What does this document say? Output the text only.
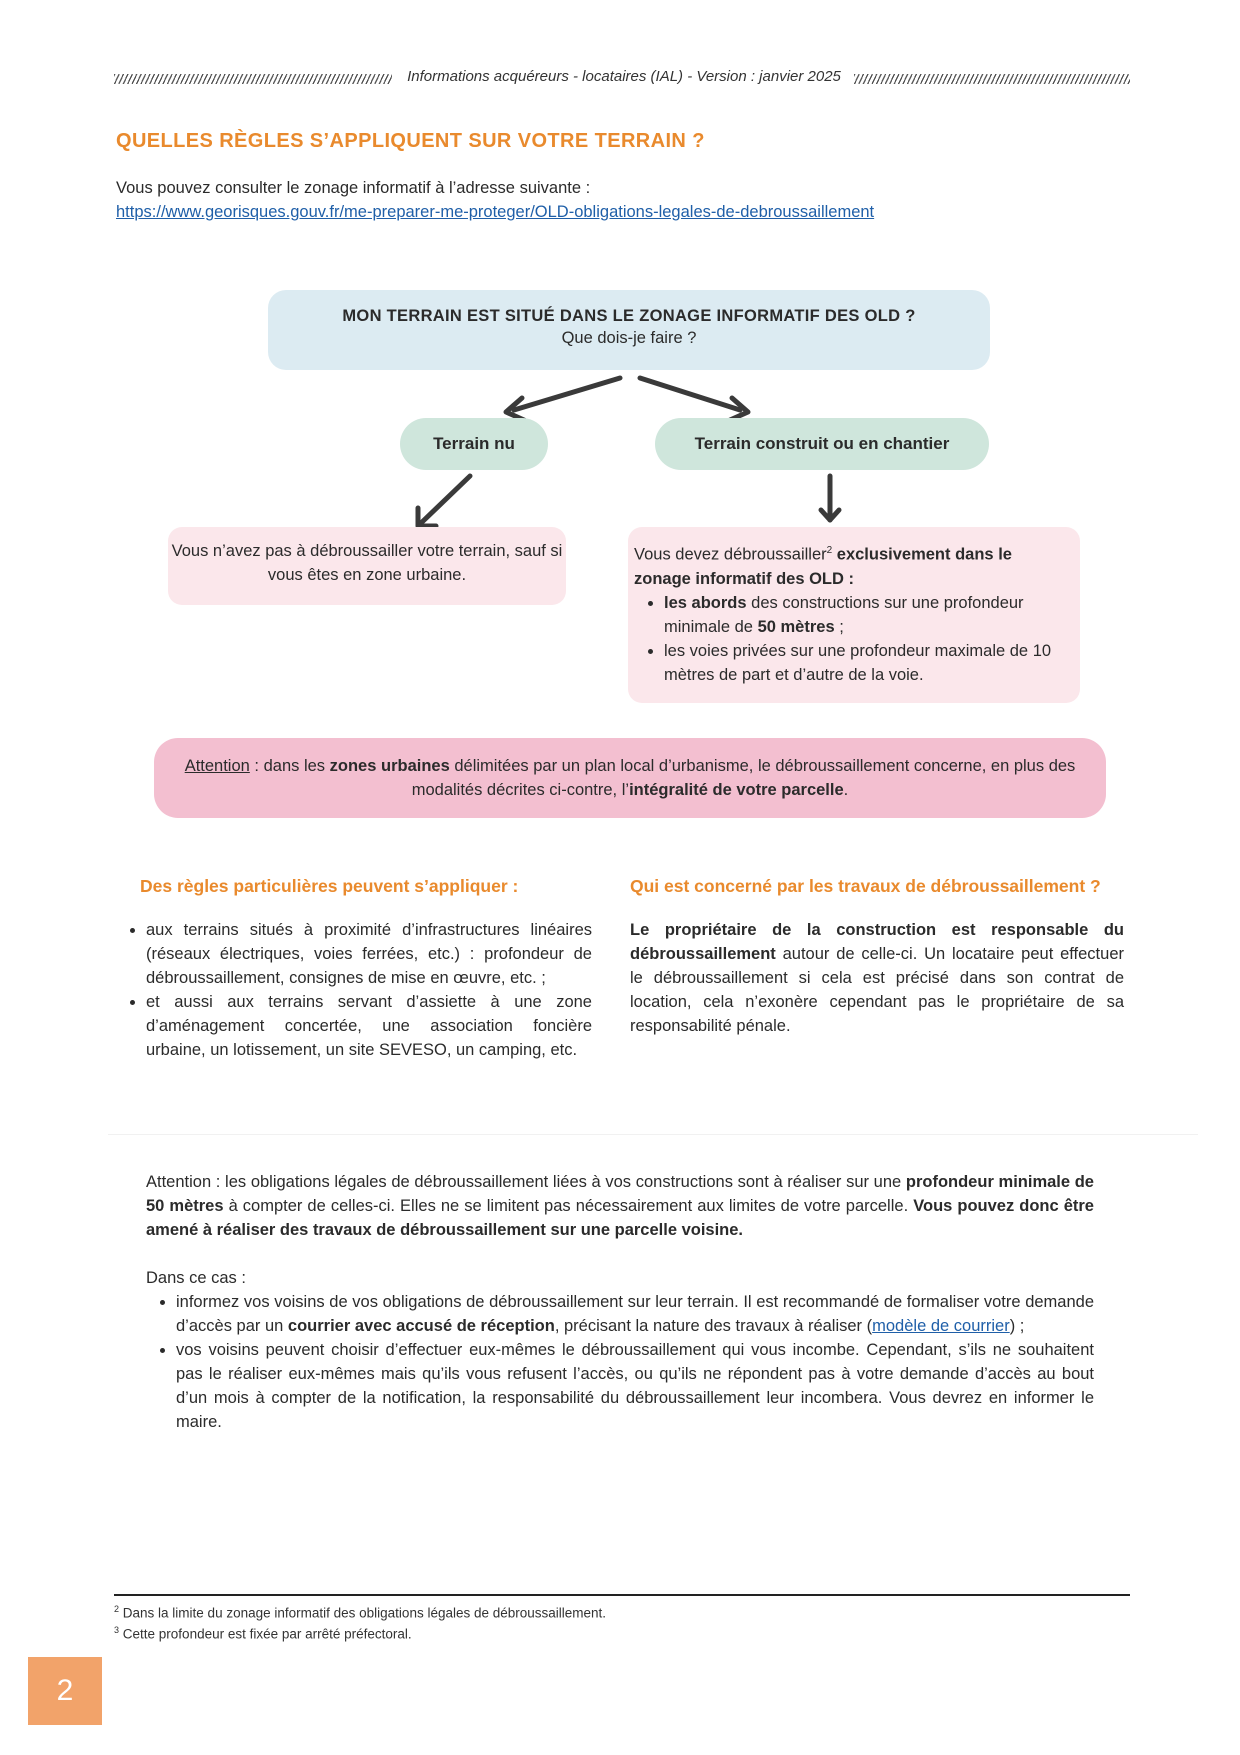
Informations acquéreurs - locataires (IAL) - Version : janvier 2025
QUELLES RÈGLES S’APPLIQUENT SUR VOTRE TERRAIN ?
Vous pouvez consulter le zonage informatif à l’adresse suivante :
https://www.georisques.gouv.fr/me-preparer-me-proteger/OLD-obligations-legales-de-debroussaillement
MON TERRAIN EST SITUÉ DANS LE ZONAGE INFORMATIF DES OLD ?
Que dois-je faire ?
Terrain nu	Terrain construit ou en chantier
Vous n’avez pas à débroussailler votre terrain, sauf si vous êtes en zone urbaine.
Vous devez débroussailler$^2$ exclusivement dans le zonage informatif des OLD :
• les abords des constructions sur une profondeur minimale de 50 mètres ;
• les voies privées sur une profondeur maximale de 10 mètres de part et d’autre de la voie.
Attention : dans les zones urbaines délimitées par un plan local d’urbanisme, le débroussaillement concerne, en plus des modalités décrites ci-contre, l’intégralité de votre parcelle.
Des règles particulières peuvent s’appliquer :	Qui est concerné par les travaux de débroussaillement ?
• aux terrains situés à proximité d’infrastructures linéaires (réseaux électriques, voies ferrées, etc.) : profondeur de débroussaillement, consignes de mise en œuvre, etc. ;
• et aussi aux terrains servant d’assiette à une zone d’aménagement concertée, une association foncière urbaine, un lotissement, un site SEVESO, un camping, etc.
Le propriétaire de la construction est responsable du débroussaillement autour de celle-ci. Un locataire peut effectuer le débroussaillement si cela est précisé dans son contrat de location, cela n’exonère cependant pas le propriétaire de sa responsabilité pénale.

Attention : les obligations légales de débroussaillement liées à vos constructions sont à réaliser sur une profondeur minimale de 50 mètres à compter de celles-ci. Elles ne se limitent pas nécessairement aux limites de votre parcelle. Vous pouvez donc être amené à réaliser des travaux de débroussaillement sur une parcelle voisine.

Dans ce cas :

• informez vos voisins de vos obligations de débroussaillement sur leur terrain. Il est recommandé de formaliser votre demande d’accès par un courrier avec accusé de réception, précisant la nature des travaux à réaliser (modèle de courrier) ;
• vos voisins peuvent choisir d’effectuer eux-mêmes le débroussaillement qui vous incombe. Cependant, s’ils ne souhaitent pas le réaliser eux-mêmes mais qu’ils vous refusent l’accès, ou qu’ils ne répondent pas à votre demande d’accès au bout d’un mois à compter de la notification, la responsabilité du débroussaillement leur incombera. Vous devrez en informer le maire.
$^2$ Dans la limite du zonage informatif des obligations légales de débroussaillement.
$^3$ Cette profondeur est fixée par arrêté préfectoral.
2
